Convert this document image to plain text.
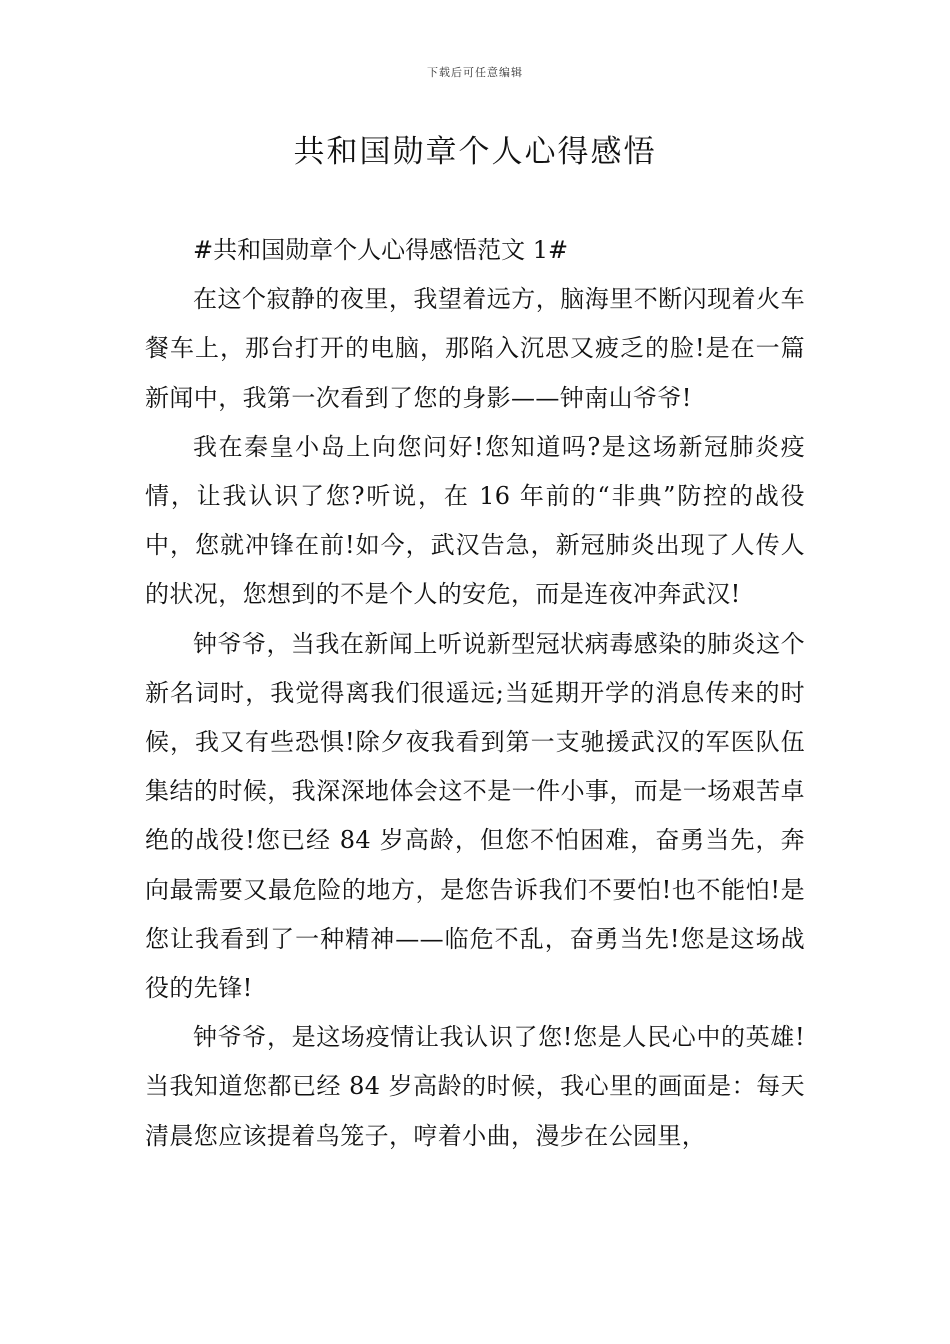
下载后可任意编辑
共和国勋章个人心得感悟

#共和国勋章个人心得感悟范文 1#

在这个寂静的夜里，我望着远方，脑海里不断闪现着火车餐车上，那台打开的电脑，那陷入沉思又疲乏的脸!是在一篇新闻中，我第一次看到了您的身影——钟南山爷爷!

我在秦皇小岛上向您问好!您知道吗?是这场新冠肺炎疫情，让我认识了您?听说，在 16 年前的“非典”防控的战役中，您就冲锋在前!如今，武汉告急，新冠肺炎出现了人传人的状况，您想到的不是个人的安危，而是连夜冲奔武汉!

钟爷爷，当我在新闻上听说新型冠状病毒感染的肺炎这个新名词时，我觉得离我们很遥远;当延期开学的消息传来的时候，我又有些恐惧!除夕夜我看到第一支驰援武汉的军医队伍集结的时候，我深深地体会这不是一件小事，而是一场艰苦卓绝的战役!您已经 84 岁高龄，但您不怕困难，奋勇当先，奔向最需要又最危险的地方，是您告诉我们不要怕!也不能怕!是您让我看到了一种精神——临危不乱，奋勇当先!您是这场战役的先锋!

钟爷爷，是这场疫情让我认识了您!您是人民心中的英雄!当我知道您都已经 84 岁高龄的时候，我心里的画面是：每天清晨您应该提着鸟笼子，哼着小曲，漫步在公园里，
